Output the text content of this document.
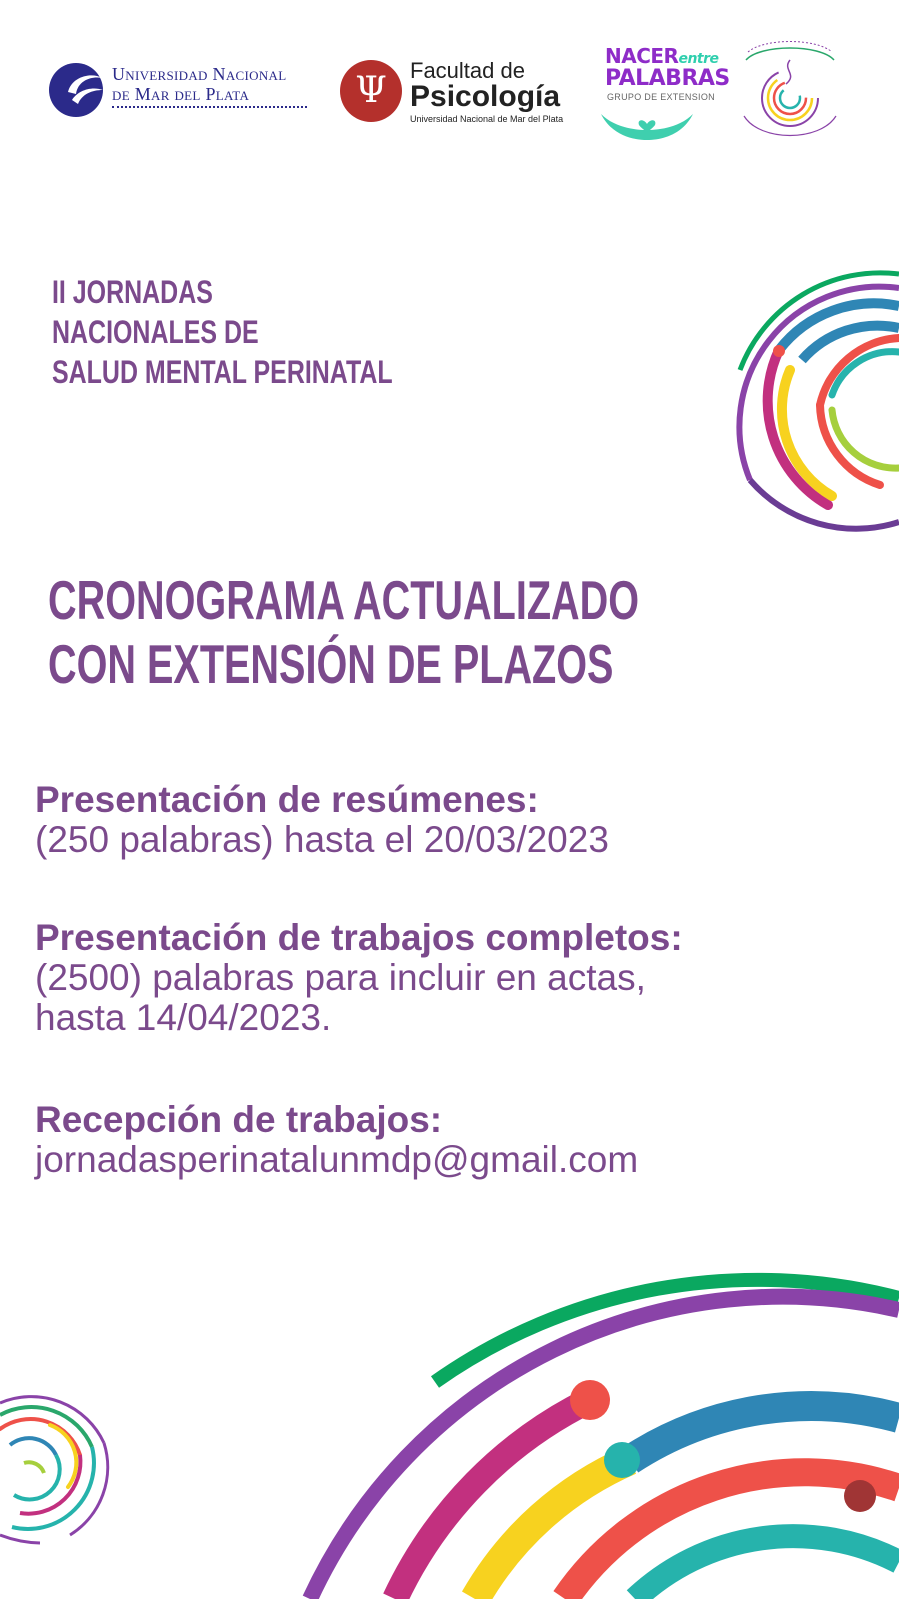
Universidad Nacional
de Mar del Plata	Ψ	Facultad de
Psicología
Universidad Nacional de Mar del Plata
NACERentre
PALABRAS
GRUPO DE EXTENSION
II JORNADAS
NACIONALES DE
SALUD MENTAL PERINATAL
CRONOGRAMA ACTUALIZADO
CON EXTENSIÓN DE PLAZOS
Presentación de resúmenes:
(250 palabras) hasta el 20/03/2023
Presentación de trabajos completos:
(2500) palabras para incluir en actas,
hasta 14/04/2023.
Recepción de trabajos:
jornadasperinatalunmdp@gmail.com
